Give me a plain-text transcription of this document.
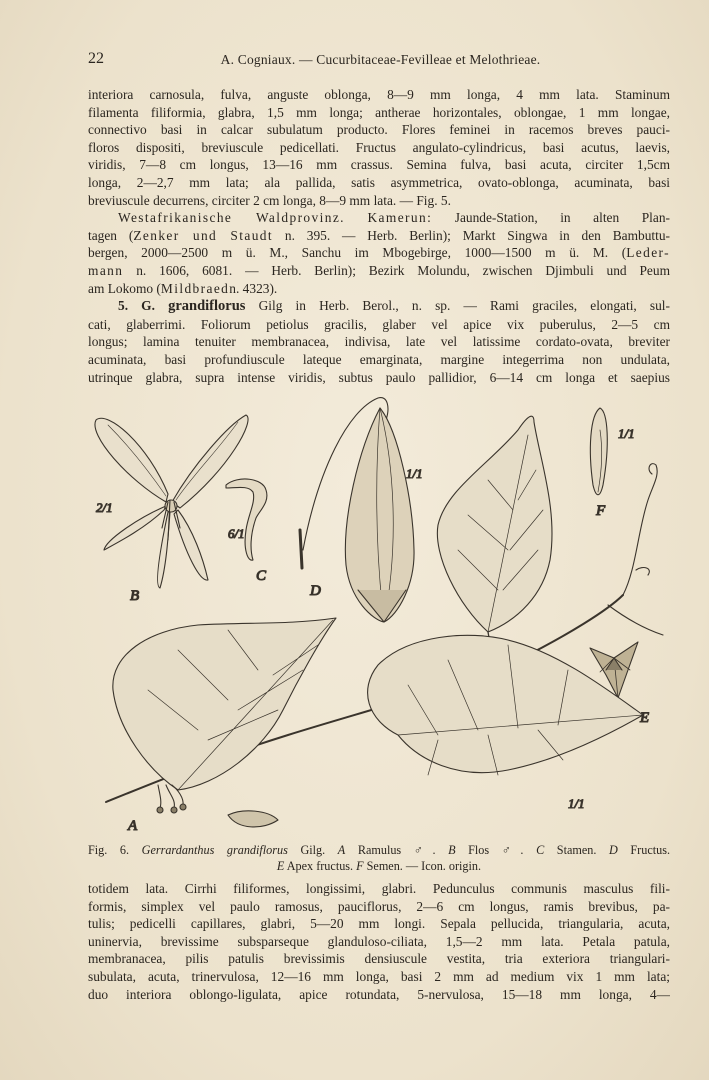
22	A. Cogniaux. — Cucurbitaceae-Fevilleae et Melothrieae.

interiora carnosula, fulva, anguste oblonga, 8—9 mm longa, 4 mm lata. Staminum

filamenta filiformia, glabra, 1,5 mm longa; antherae horizontales, oblongae, 1 mm longae,

connectivo basi in calcar subulatum producto. Flores feminei in racemos breves pauci-

floros dispositi, breviuscule pedicellati. Fructus angulato-cylindricus, basi acutus, laevis,

viridis, 7—8 cm longus, 13—16 mm crassus. Semina fulva, basi acuta, circiter 1,5cm

longa, 2—2,7 mm lata; ala pallida, satis asymmetrica, ovato-oblonga, acuminata, basi

breviuscule decurrens, circiter 2 cm longa, 8—9 mm lata. — Fig. 5.

Westafrikanische Waldprovinz. Kamerun: Jaunde-Station, in alten Plan-

tagen (Zenker und Staudt n. 395. — Herb. Berlin); Markt Singwa in den Bambuttu-

bergen, 2000—2500 m ü. M., Sanchu im Mbogebirge, 1000—1500 m ü. M. (Leder-

mann n. 1606, 6081. — Herb. Berlin); Bezirk Molundu, zwischen Djimbuli und Peum

am Lokomo (Mildbraedn. 4323).

5. G. grandiflorus Gilg in Herb. Berol., n. sp. — Rami graciles, elongati, sul-

cati, glaberrimi. Foliorum petiolus gracilis, glaber vel apice vix puberulus, 2—5 cm

longus; lamina tenuiter membranacea, indivisa, late vel latissime cordato-ovata, breviter

acuminata, basi profundiuscule lateque emarginata, margine integerrima non undulata,

utrinque glabra, supra intense viridis, subtus paulo pallidior, 6—14 cm longa et saepius

B
2/1
C
6/1
D
1/1
F
1/1
E
A
1/1
Fig. 6. Gerrardanthus grandiflorus Gilg. A Ramulus ♂. B Flos ♂. C Stamen. D Fructus.
E Apex fructus. F Semen. — Icon. origin.

totidem lata. Cirrhi filiformes, longissimi, glabri. Pedunculus communis masculus fili-

formis, simplex vel paulo ramosus, pauciflorus, 2—6 cm longus, ramis brevibus, pa-

tulis; pedicelli capillares, glabri, 5—20 mm longi. Sepala pellucida, triangularia, acuta,

uninervia, brevissime subsparseque glanduloso-ciliata, 1,5—2 mm lata. Petala patula,

membranacea, pilis patulis brevissimis densiuscule vestita, tria exteriora triangulari-

subulata, acuta, trinervulosa, 12—16 mm longa, basi 2 mm ad medium vix 1 mm lata;

duo interiora oblongo-ligulata, apice rotundata, 5-nervulosa, 15—18 mm longa, 4—
